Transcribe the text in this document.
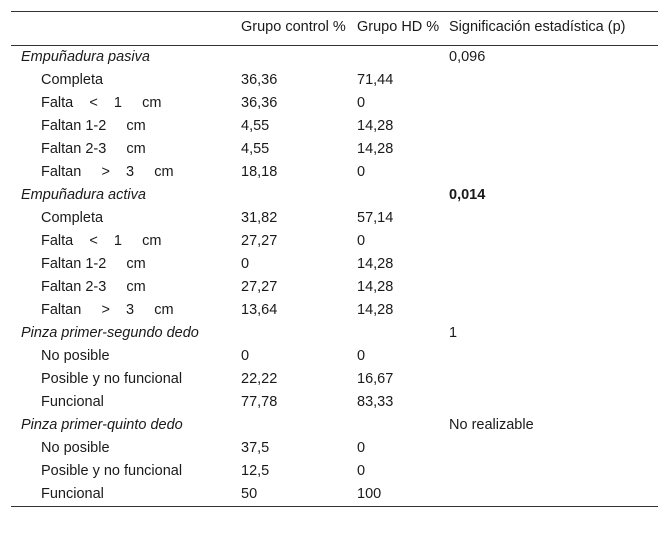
	Grupo control %	Grupo HD %	Significación estadística (p)
Empuñadura pasiva			0,096
Completa	36,36	71,44	
Falta    <    1     cm	36,36	0	
Faltan 1-2     cm	4,55	14,28	
Faltan 2-3     cm	4,55	14,28	
Faltan     >    3     cm	18,18	0	
Empuñadura activa			0,014
Completa	31,82	57,14	
Falta    <    1     cm	27,27	0	
Faltan 1-2     cm	0	14,28	
Faltan 2-3     cm	27,27	14,28	
Faltan     >    3     cm	13,64	14,28	
Pinza primer-segundo dedo			1
No posible	0	0	
Posible y no funcional	22,22	16,67	
Funcional	77,78	83,33	
Pinza primer-quinto dedo			No realizable
No posible	37,5	0	
Posible y no funcional	12,5	0	
Funcional	50	100	
